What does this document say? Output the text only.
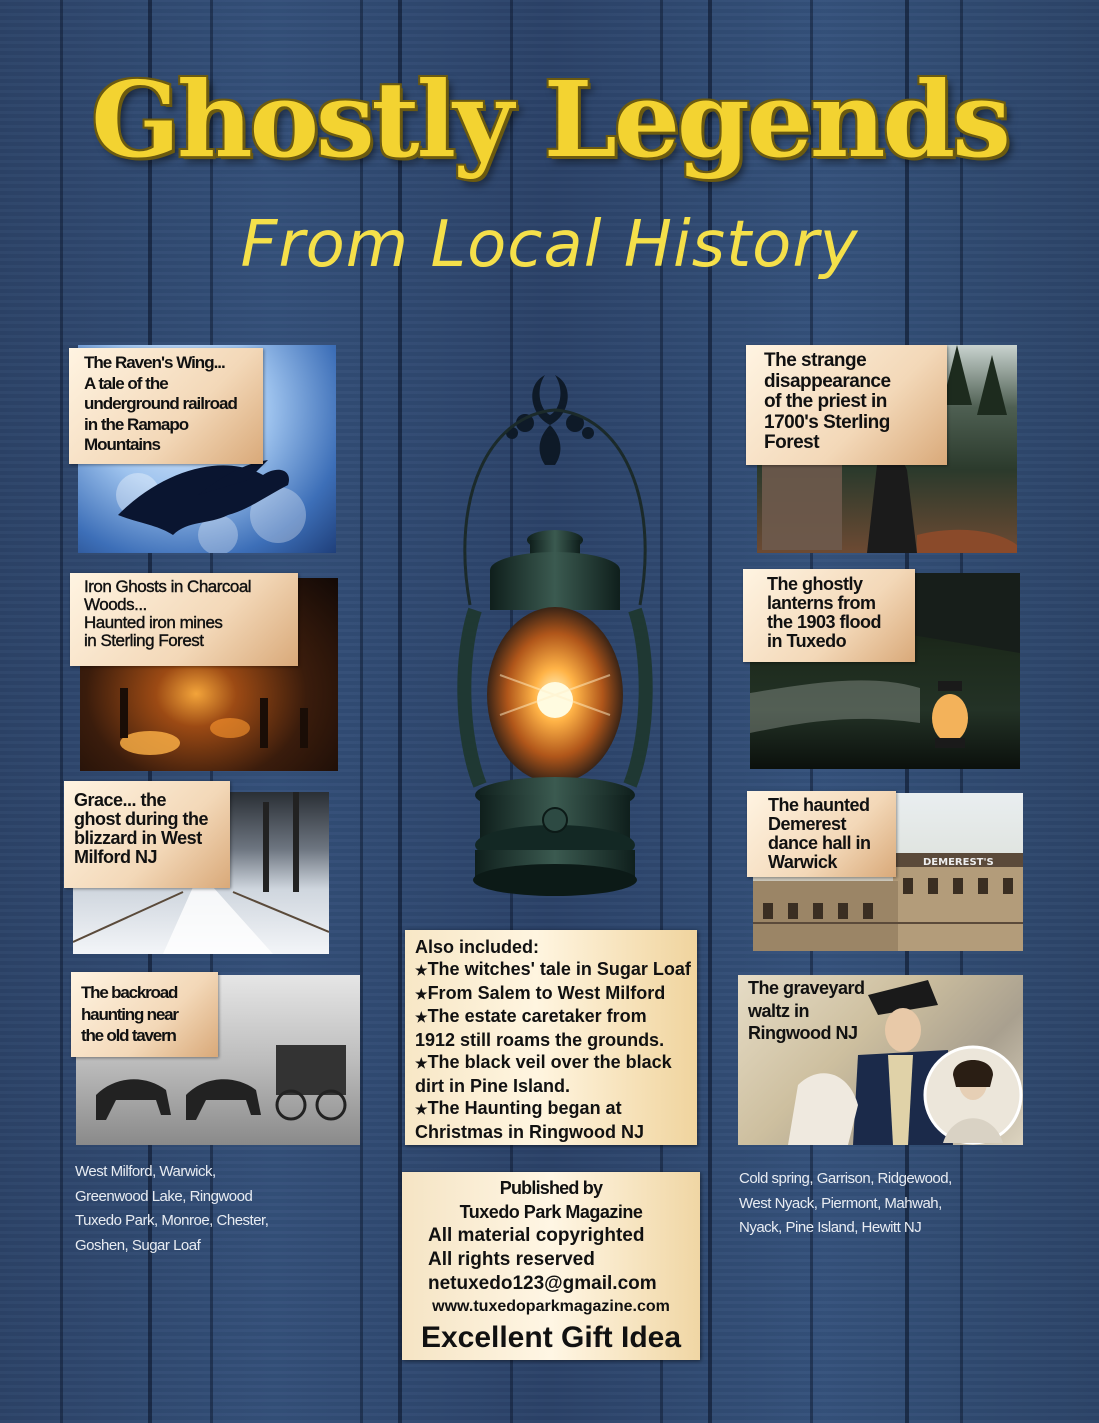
Ghostly Legends
From Local History
The Raven's Wing...
A tale of the
underground railroad
in the Ramapo
Mountains
Iron Ghosts in Charcoal
Woods...
Haunted iron mines
in Sterling Forest
Grace... the
ghost during the
blizzard in West
Milford NJ
The backroad
haunting near
the old tavern
West Milford, Warwick,
Greenwood Lake, Ringwood
Tuxedo Park, Monroe, Chester,
Goshen, Sugar Loaf
Also included:
★The witches' tale in Sugar Loaf
★From Salem to West Milford
★The estate caretaker from
1912 still roams the grounds.
★The black veil over the black
dirt in Pine Island.
★The Haunting began at
Christmas in Ringwood NJ
Published by
Tuxedo Park Magazine
All material copyrighted
All rights reserved
netuxedo123@gmail.com
www.tuxedoparkmagazine.com
Excellent Gift Idea
The strange
disappearance
of the priest in
1700's Sterling
Forest
The ghostly
lanterns from
the 1903 flood
in Tuxedo
DEMEREST'S
The haunted
Demerest
dance hall in
Warwick
The graveyard
waltz in
Ringwood NJ
Cold spring, Garrison, Ridgewood,
West Nyack, Piermont, Mahwah,
Nyack, Pine Island, Hewitt NJ
